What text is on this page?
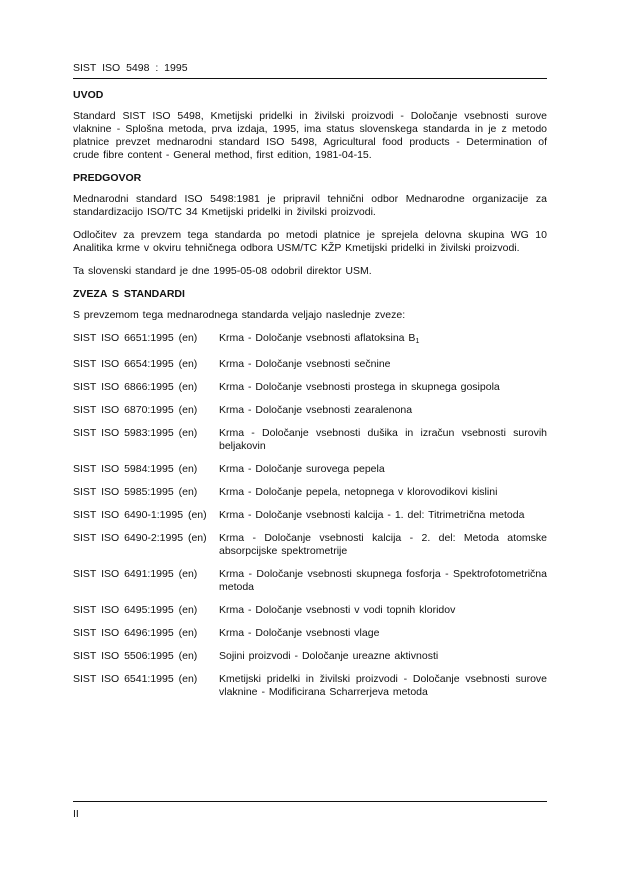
SIST ISO 5498 : 1995
UVOD

Standard SIST ISO 5498, Kmetijski pridelki in živilski proizvodi - Določanje vsebnosti surove vlaknine - Splošna metoda, prva izdaja, 1995, ima status slovenskega standarda in je z metodo platnice prevzet mednarodni standard ISO 5498, Agricultural food products - Determination of crude fibre content - General method, first edition, 1981-04-15.

PREDGOVOR

Mednarodni standard ISO 5498:1981 je pripravil tehnični odbor Mednarodne organizacije za standardizacijo ISO/TC 34 Kmetijski pridelki in živilski proizvodi.

Odločitev za prevzem tega standarda po metodi platnice je sprejela delovna skupina WG 10 Analitika krme v okviru tehničnega odbora USM/TC KŽP Kmetijski pridelki in živilski proizvodi.

Ta slovenski standard je dne 1995-05-08 odobril direktor USM.

ZVEZA S STANDARDI

S prevzemom tega mednarodnega standarda veljajo naslednje zveze:

SIST ISO 6651:1995 (en)	Krma - Določanje vsebnosti aflatoksina $B_1$
SIST ISO 6654:1995 (en)	Krma - Določanje vsebnosti sečnine
SIST ISO 6866:1995 (en)	Krma - Določanje vsebnosti prostega in skupnega gosipola
SIST ISO 6870:1995 (en)	Krma - Določanje vsebnosti zearalenona
SIST ISO 5983:1995 (en)	Krma - Določanje vsebnosti dušika in izračun vsebnosti surovih beljakovin
SIST ISO 5984:1995 (en)	Krma - Določanje surovega pepela
SIST ISO 5985:1995 (en)	Krma - Določanje pepela, netopnega v klorovodikovi kislini
SIST ISO 6490-1:1995 (en)	Krma - Določanje vsebnosti kalcija - 1. del: Titrimetrična metoda
SIST ISO 6490-2:1995 (en)	Krma - Določanje vsebnosti kalcija - 2. del: Metoda atomske absorpcijske spektrometrije
SIST ISO 6491:1995 (en)	Krma - Določanje vsebnosti skupnega fosforja - Spektrofotometrična metoda
SIST ISO 6495:1995 (en)	Krma - Določanje vsebnosti v vodi topnih kloridov
SIST ISO 6496:1995 (en)	Krma - Določanje vsebnosti vlage
SIST ISO 5506:1995 (en)	Sojini proizvodi - Določanje ureazne aktivnosti
SIST ISO 6541:1995 (en)	Kmetijski pridelki in živilski proizvodi - Določanje vsebnosti surove vlaknine - Modificirana Scharrerjeva metoda
II
